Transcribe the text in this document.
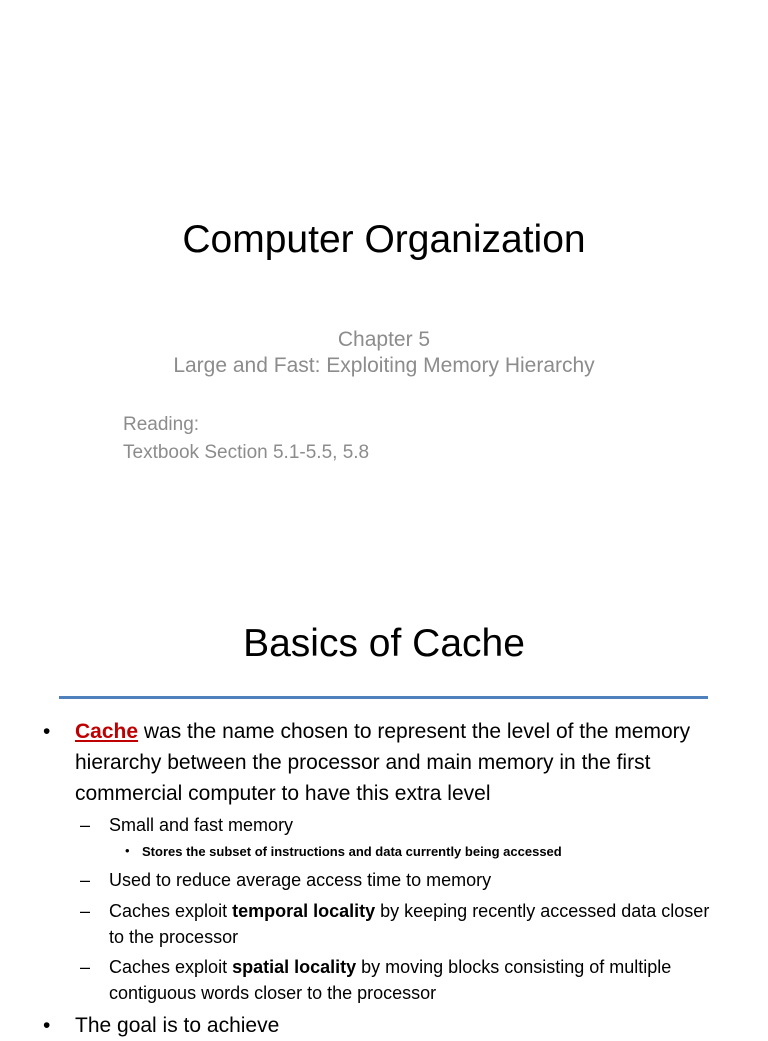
Computer Organization
Chapter 5
Large and Fast: Exploiting Memory Hierarchy
Reading:
Textbook Section 5.1-5.5, 5.8
Basics of Cache
• Cache was the name chosen to represent the level of the memory hierarchy between the processor and main memory in the first commercial computer to have this extra level
– Small and fast memory
• Stores the subset of instructions and data currently being accessed
– Used to reduce average access time to memory
– Caches exploit temporal locality by keeping recently accessed data closer to the processor
– Caches exploit spatial locality by moving blocks consisting of multiple contiguous words closer to the processor
• The goal is to achieve
